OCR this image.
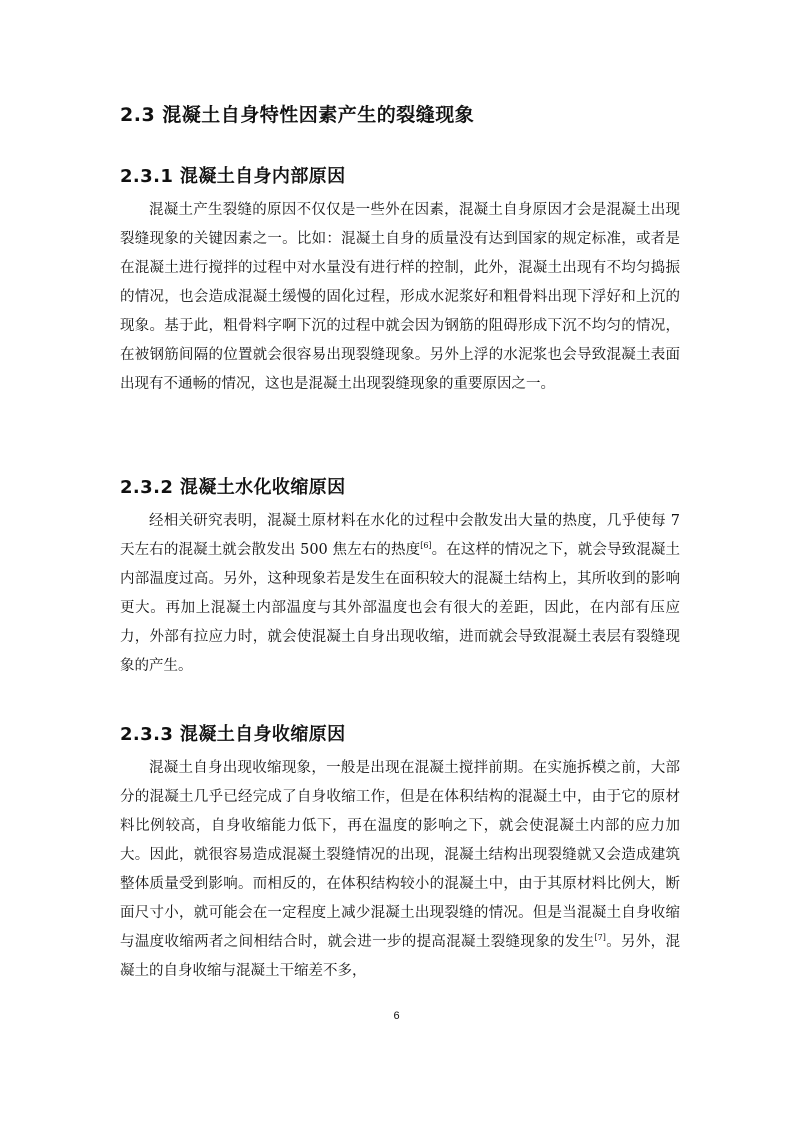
2.3 混凝土自身特性因素产生的裂缝现象
2.3.1 混凝土自身内部原因
混凝土产生裂缝的原因不仅仅是一些外在因素，混凝土自身原因才会是混凝土出现裂缝现象的关键因素之一。比如：混凝土自身的质量没有达到国家的规定标准，或者是在混凝土进行搅拌的过程中对水量没有进行样的控制，此外，混凝土出现有不均匀捣振的情况，也会造成混凝土缓慢的固化过程，形成水泥浆好和粗骨料出现下浮好和上沉的现象。基于此，粗骨料字啊下沉的过程中就会因为钢筋的阻碍形成下沉不均匀的情况，在被钢筋间隔的位置就会很容易出现裂缝现象。另外上浮的水泥浆也会导致混凝土表面出现有不通畅的情况，这也是混凝土出现裂缝现象的重要原因之一。
2.3.2 混凝土水化收缩原因
经相关研究表明，混凝土原材料在水化的过程中会散发出大量的热度，几乎使每 7 天左右的混凝土就会散发出 500 焦左右的热度[6]。在这样的情况之下，就会导致混凝土内部温度过高。另外，这种现象若是发生在面积较大的混凝土结构上，其所收到的影响更大。再加上混凝土内部温度与其外部温度也会有很大的差距，因此，在内部有压应力，外部有拉应力时，就会使混凝土自身出现收缩，进而就会导致混凝土表层有裂缝现象的产生。
2.3.3 混凝土自身收缩原因
混凝土自身出现收缩现象，一般是出现在混凝土搅拌前期。在实施拆模之前，大部分的混凝土几乎已经完成了自身收缩工作，但是在体积结构的混凝土中，由于它的原材料比例较高，自身收缩能力低下，再在温度的影响之下，就会使混凝土内部的应力加大。因此，就很容易造成混凝土裂缝情况的出现，混凝土结构出现裂缝就又会造成建筑整体质量受到影响。而相反的，在体积结构较小的混凝土中，由于其原材料比例大，断面尺寸小，就可能会在一定程度上减少混凝土出现裂缝的情况。但是当混凝土自身收缩与温度收缩两者之间相结合时，就会进一步的提高混凝土裂缝现象的发生[7]。另外，混凝土的自身收缩与混凝土干缩差不多，
6
